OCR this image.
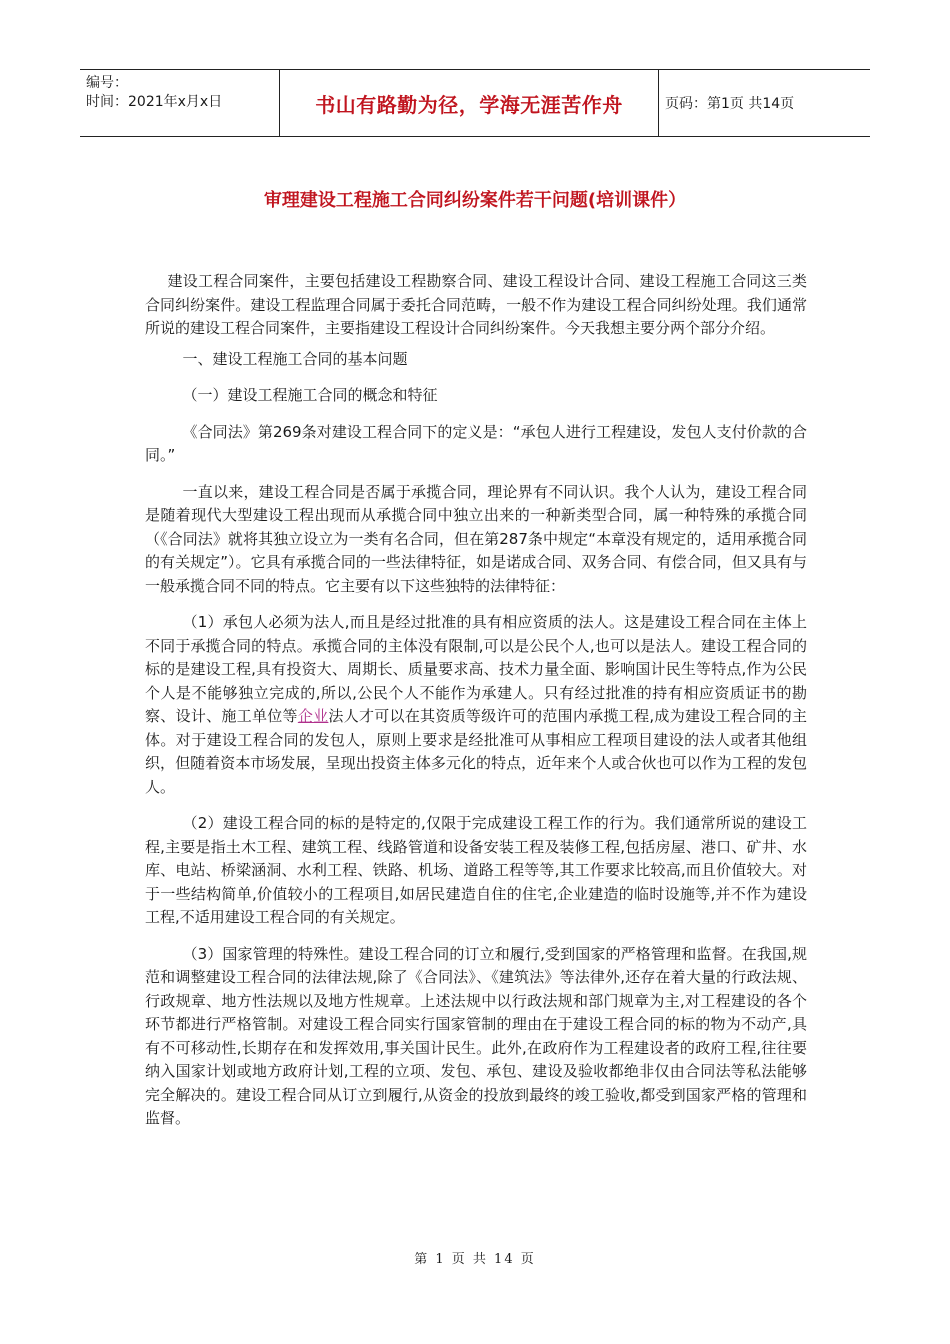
编号：
时间：2021年x月x日	书山有路勤为径，学海无涯苦作舟	页码：第1页 共14页
审理建设工程施工合同纠纷案件若干问题(培训课件）

建设工程合同案件，主要包括建设工程勘察合同、建设工程设计合同、建设工程施工合同这三类合同纠纷案件。建设工程监理合同属于委托合同范畴，一般不作为建设工程合同纠纷处理。我们通常所说的建设工程合同案件，主要指建设工程设计合同纠纷案件。今天我想主要分两个部分介绍。

一、建设工程施工合同的基本问题

（一）建设工程施工合同的概念和特征

《合同法》第269条对建设工程合同下的定义是：“承包人进行工程建设，发包人支付价款的合同。”

一直以来，建设工程合同是否属于承揽合同，理论界有不同认识。我个人认为，建设工程合同是随着现代大型建设工程出现而从承揽合同中独立出来的一种新类型合同，属一种特殊的承揽合同（《合同法》就将其独立设立为一类有名合同，但在第287条中规定“本章没有规定的，适用承揽合同的有关规定”）。它具有承揽合同的一些法律特征，如是诺成合同、双务合同、有偿合同，但又具有与一般承揽合同不同的特点。它主要有以下这些独特的法律特征：

（1）承包人必须为法人,而且是经过批准的具有相应资质的法人。这是建设工程合同在主体上不同于承揽合同的特点。承揽合同的主体没有限制,可以是公民个人,也可以是法人。建设工程合同的标的是建设工程,具有投资大、周期长、质量要求高、技术力量全面、影响国计民生等特点,作为公民个人是不能够独立完成的,所以,公民个人不能作为承建人。只有经过批准的持有相应资质证书的勘察、设计、施工单位等企业法人才可以在其资质等级许可的范围内承揽工程,成为建设工程合同的主体。对于建设工程合同的发包人，原则上要求是经批准可从事相应工程项目建设的法人或者其他组织，但随着资本市场发展，呈现出投资主体多元化的特点，近年来个人或合伙也可以作为工程的发包人。

（2）建设工程合同的标的是特定的,仅限于完成建设工程工作的行为。我们通常所说的建设工程,主要是指土木工程、建筑工程、线路管道和设备安装工程及装修工程,包括房屋、港口、矿井、水库、电站、桥梁涵洞、水利工程、铁路、机场、道路工程等等,其工作要求比较高,而且价值较大。对于一些结构简单,价值较小的工程项目,如居民建造自住的住宅,企业建造的临时设施等,并不作为建设工程,不适用建设工程合同的有关规定。

（3）国家管理的特殊性。建设工程合同的订立和履行,受到国家的严格管理和监督。在我国,规范和调整建设工程合同的法律法规,除了《合同法》、《建筑法》等法律外,还存在着大量的行政法规、行政规章、地方性法规以及地方性规章。上述法规中以行政法规和部门规章为主,对工程建设的各个环节都进行严格管制。对建设工程合同实行国家管制的理由在于建设工程合同的标的物为不动产,具有不可移动性,长期存在和发挥效用,事关国计民生。此外,在政府作为工程建设者的政府工程,往往要纳入国家计划或地方政府计划,工程的立项、发包、承包、建设及验收都绝非仅由合同法等私法能够完全解决的。建设工程合同从订立到履行,从资金的投放到最终的竣工验收,都受到国家严格的管理和监督。

第 1 页 共 14 页
